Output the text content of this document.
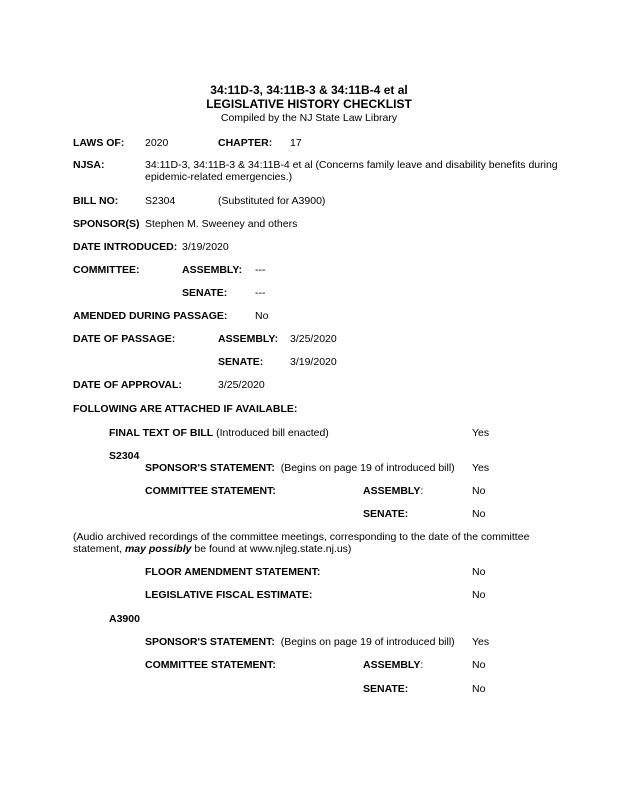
34:11D-3, 34:11B-3 & 34:11B-4 et al
LEGISLATIVE HISTORY CHECKLIST
Compiled by the NJ State Law Library
LAWS OF: 2020	CHAPTER: 17
NJSA:	34:11D-3, 34:11B-3 & 34:11B-4 et al (Concerns family leave and disability benefits during
epidemic-related emergencies.)
BILL NO:	S2304	(Substituted for A3900)
SPONSOR(S) Stephen M. Sweeney and others
DATE INTRODUCED: 3/19/2020
COMMITTEE:	ASSEMBLY: ---
SENATE:	---
AMENDED DURING PASSAGE:	No
DATE OF PASSAGE:	ASSEMBLY: 3/25/2020
SENATE:	3/19/2020
DATE OF APPROVAL:	3/25/2020
FOLLOWING ARE ATTACHED IF AVAILABLE:
FINAL TEXT OF BILL (Introduced bill enacted)	Yes
S2304
SPONSOR'S STATEMENT: (Begins on page 19 of introduced bill) Yes
COMMITTEE STATEMENT:	ASSEMBLY:	No
SENATE:	No
(Audio archived recordings of the committee meetings, corresponding to the date of the committee
statement, may possibly be found at www.njleg.state.nj.us)
FLOOR AMENDMENT STATEMENT:	No
LEGISLATIVE FISCAL ESTIMATE:	No
A3900
SPONSOR'S STATEMENT: (Begins on page 19 of introduced bill) Yes
COMMITTEE STATEMENT:	ASSEMBLY:	No
SENATE:	No
